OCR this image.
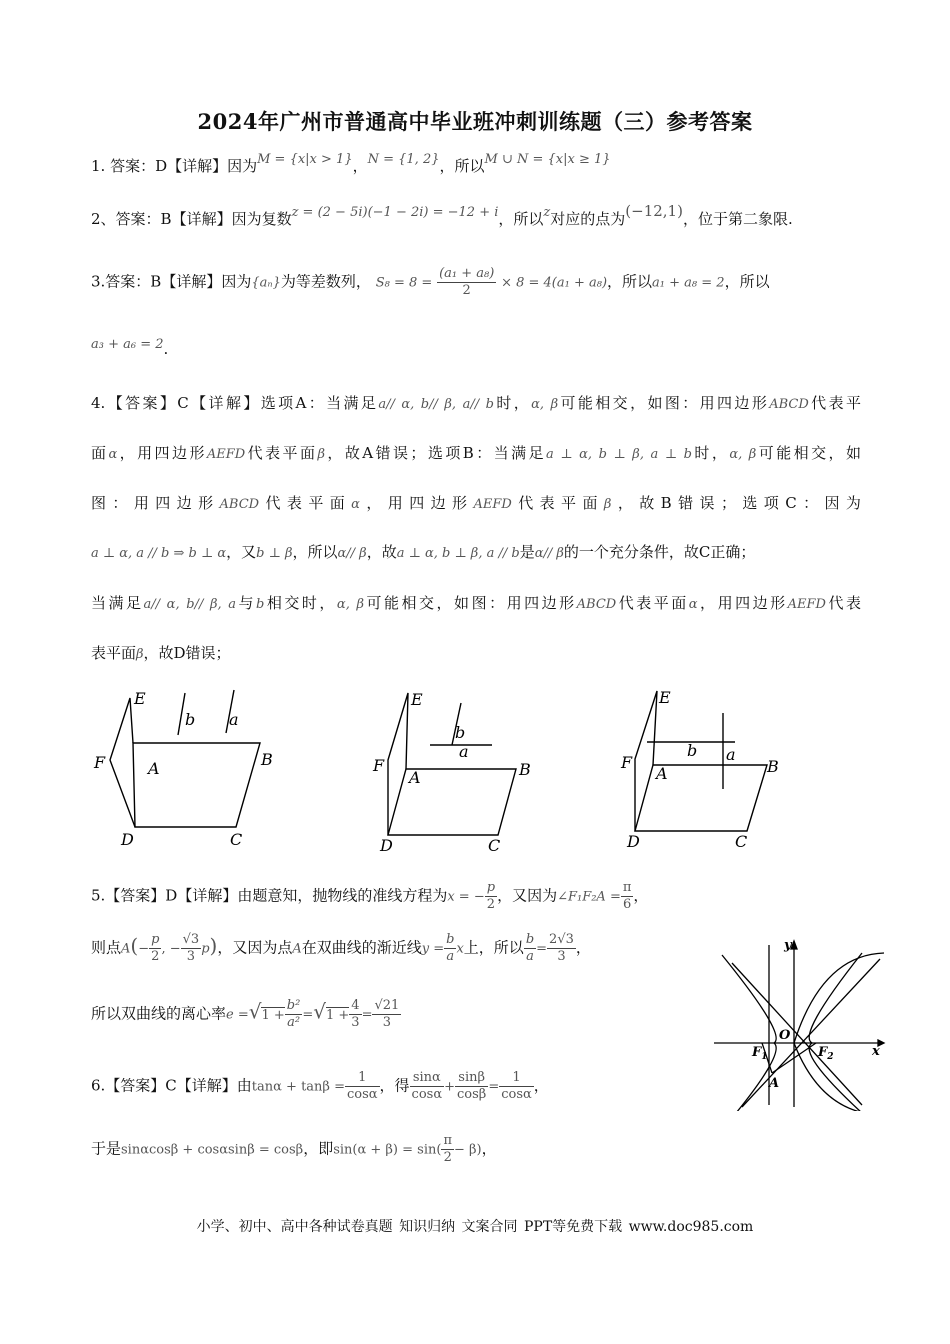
2024年广州市普通高中毕业班冲刺训练题（三）参考答案
1. 答案：D【详解】因为M = {x|x > 1}，N = {1, 2}，所以M ∪ N = {x|x ≥ 1}
2、答案：B【详解】因为复数z = (2 − 5i)(−1 − 2i) = −12 + i，所以z对应的点为(−12,1)，位于第二象限.
3.答案：B【详解】因为{aₙ}为等差数列， $S_8 = 8 = \frac{\text{(a₁ + a₈)}}{2} \times 8 = 4(a_1 + a_8)$，所以a₁ + a₈ = 2，所以
a₃ + a₆ = 2.
4.【答案】C【详解】选项A：当满足a// α, b// β, a// b时，α, β可能相交，如图：用四边形ABCD代表平
面α，用四边形AEFD代表平面β，故A错误；选项B：当满足a ⊥ α, b ⊥ β, a ⊥ b时，α, β可能相交，如
图：用四边形ABCD代表平面α，用四边形AEFD代表平面β，故B错误；选项C：因为
a ⊥ α, a // b ⇒ b ⊥ α，又b ⊥ β，所以α// β，故a ⊥ α, b ⊥ β, a // b是α// β的一个充分条件，故C正确；
当满足a// α, b// β, a与b相交时，α, β可能相交，如图：用四边形ABCD代表平面α，用四边形AEFD代表
表平面β，故D错误；
E
F	A	B
C
D
b a
E
F
A	B
C
D
b
a
E
F
A	B
C
D
b a
5.【答案】D【详解】由题意知，抛物线的准线方程为x = − $\frac{p}{2}$ ，又因为∠F₁F₂A = $\frac{\pi}{6}$ ，
则点$A(- \frac{p}{2}$ , − $\frac{√3}{3} p$)，又因为点A在双曲线的渐近线$y = \frac{b}{a}$ x上，所以 $\frac{b}{a} = \frac{2√3}{3}$ ，
所以双曲线的离心率$e =√1 + \frac{\text{b²}}{\text{a²}} =√1 + \frac{4}{3} = \frac{√21}{3}$
y
x
O
$F_1$	$F_2$
A
6.【答案】C【详解】由$\tan\alpha + \tan\beta = \frac{1}{\cos\alpha}$ ，得 $\frac{\sin\alpha}{\cos\alpha} + \frac{\sin\beta}{\cos\beta} = \frac{1}{\cos\alpha}$ ，
于是sinαcosβ + cosαsinβ = cosβ，即$\sin(\alpha + \beta) = \sin( \frac{\pi}{2} - \beta)$，
小学、初中、高中各种试卷真题 知识归纳 文案合同 PPT等免费下载 www.doc985.com
